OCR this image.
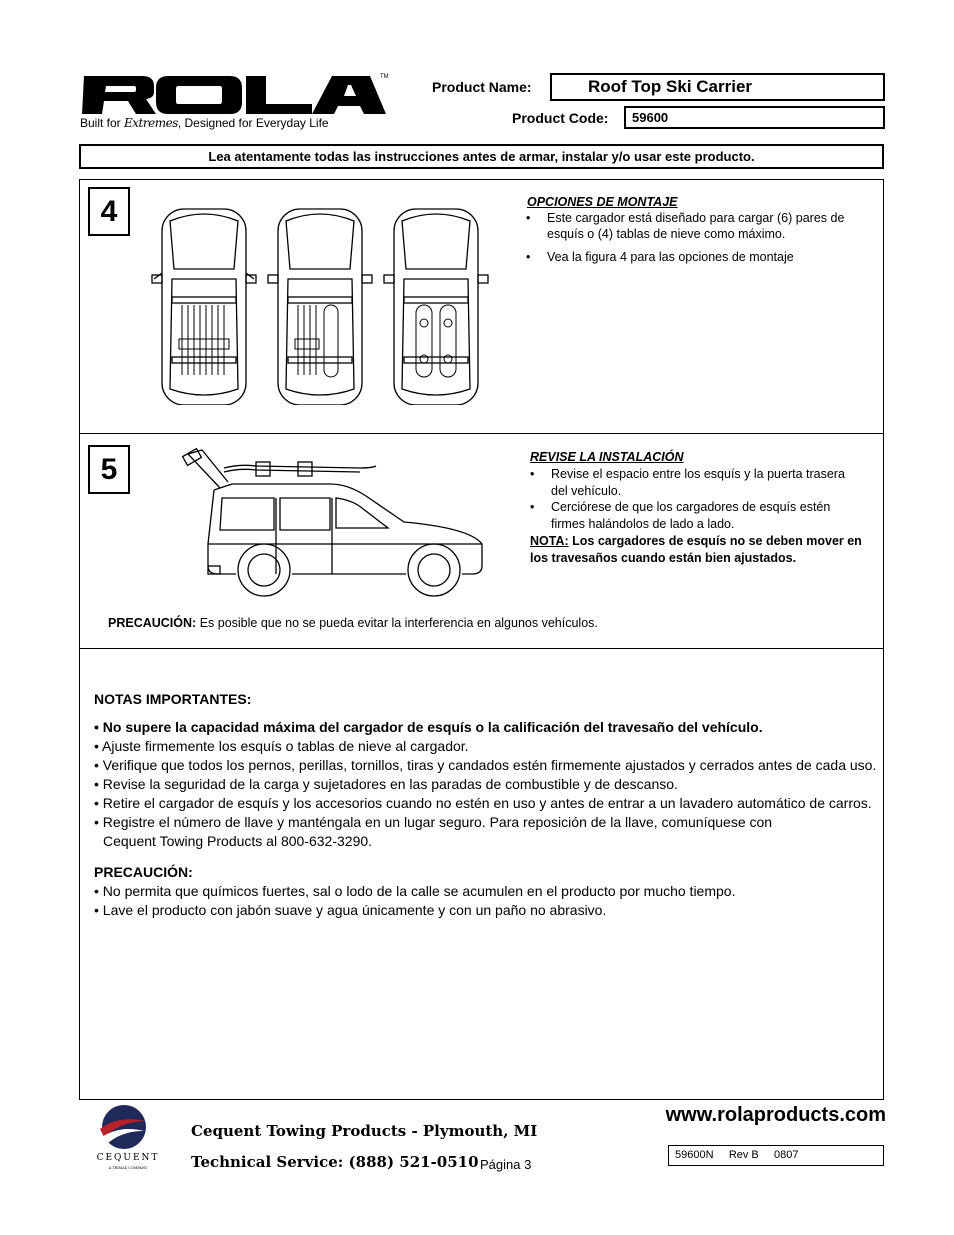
TM
Built for Extremes, Designed for Everyday Life
Product Name:	Roof Top Ski Carrier
Product Code:	59600
Lea atentamente todas las instrucciones antes de armar, instalar y/o usar este producto.
4	OPCIONES DE MONTAJE
• Este cargador está diseñado para cargar (6) pares de esquís o (4) tablas de nieve como máximo.
• Vea la figura 4 para las opciones de montaje
5	REVISE LA INSTALACIÓN
• Revise el espacio entre los esquís y la puerta trasera del vehículo.
• Cerciórese de que los cargadores de esquís estén firmes halándolos de lado a lado.
NOTA: Los cargadores de esquís no se deben mover en los travesaños cuando están bien ajustados.
PRECAUCIÓN: Es posible que no se pueda evitar la interferencia en algunos vehículos.
NOTAS IMPORTANTES:
• No supere la capacidad máxima del cargador de esquís o la calificación del travesaño del vehículo.
• Ajuste firmemente los esquís o tablas de nieve al cargador.
• Verifique que todos los pernos, perillas, tornillos, tiras y candados estén firmemente ajustados y cerrados antes de cada uso.
• Revise la seguridad de la carga y sujetadores en las paradas de combustible y de descanso.
• Retire el cargador de esquís y los accesorios cuando no estén en uso y antes de entrar a un lavadero automático de carros.
• Registre el número de llave y manténgala en un lugar seguro. Para reposición de la llave, comuníquese con
Cequent Towing Products al 800-632-3290.
PRECAUCIÓN:
• No permita que químicos fuertes, sal o lodo de la calle se acumulen en el producto por mucho tiempo.
• Lave el producto con jabón suave y agua únicamente y con un paño no abrasivo.
CEQUENT
A TRIMAS COMPANY
Cequent Towing Products - Plymouth, MI
Technical Service: (888) 521-0510 Página 3
www.rolaproducts.com
59600N     Rev B     0807
